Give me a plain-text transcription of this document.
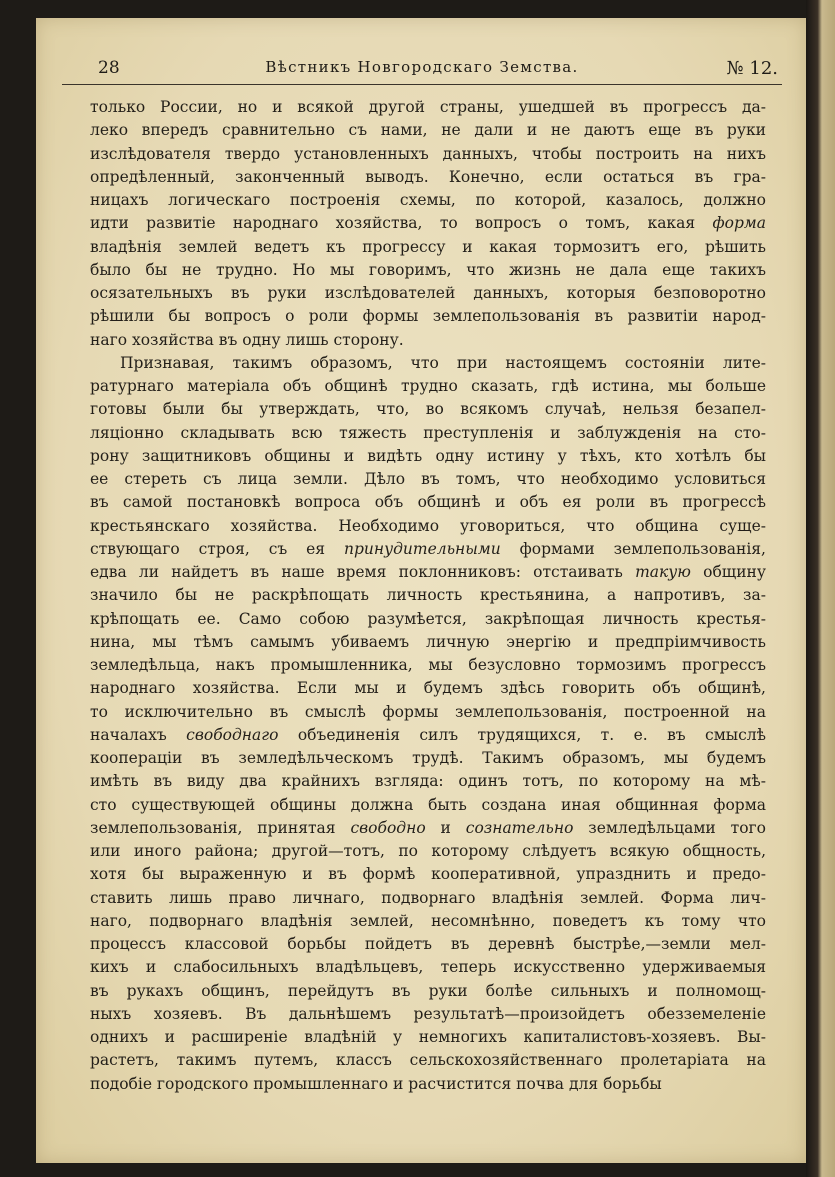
28	Вѣстникъ Новгородскаго Земства.	№ 12.
только России, но и всякой другой страны, ушедшей въ прогрессъ да-
леко впередъ сравнительно съ нами, не дали и не даютъ еще въ руки
изслѣдователя твердо установленныхъ данныхъ, чтобы построить на нихъ
опредѣленный, законченный выводъ. Конечно, если остаться въ гра-
ницахъ логическаго построенія схемы, по которой, казалось, должно
идти развитіе народнаго хозяйства, то вопросъ о томъ, какая форма
владѣнія землей ведетъ къ прогрессу и какая тормозитъ его, рѣшить
было бы не трудно. Но мы говоримъ, что жизнь не дала еще такихъ
осязательныхъ въ руки изслѣдователей данныхъ, которыя безповоротно
рѣшили бы вопросъ о роли формы землепользованія въ развитіи народ-
наго хозяйства въ одну лишь сторону.
Признавая, такимъ образомъ, что при настоящемъ состояніи лите-
ратурнаго матеріала объ общинѣ трудно сказать, гдѣ истина, мы больше
готовы были бы утверждать, что, во всякомъ случаѣ, нельзя безапел-
ляціонно складывать всю тяжесть преступленія и заблужденія на сто-
рону защитниковъ общины и видѣть одну истину у тѣхъ, кто хотѣлъ бы
ее стереть съ лица земли. Дѣло въ томъ, что необходимо условиться
въ самой постановкѣ вопроса объ общинѣ и объ ея роли въ прогрессѣ
крестьянскаго хозяйства. Необходимо уговориться, что община суще-
ствующаго строя, съ ея принудительными формами землепользованія,
едва ли найдетъ въ наше время поклонниковъ: отстаивать такую общину
значило бы не раскрѣпощать личность крестьянина, а напротивъ, за-
крѣпощать ее. Само собою разумѣется, закрѣпощая личность крестья-
нина, мы тѣмъ самымъ убиваемъ личную энергію и предпріимчивость
земледѣльца, накъ промышленника, мы безусловно тормозимъ прогрессъ
народнаго хозяйства. Если мы и будемъ здѣсь говорить объ общинѣ,
то исключительно въ смыслѣ формы землепользованія, построенной на
началахъ свободнаго объединенія силъ трудящихся, т. е. въ смыслѣ
коопераціи въ земледѣльческомъ трудѣ. Такимъ образомъ, мы будемъ
имѣть въ виду два крайнихъ взгляда: одинъ тотъ, по которому на мѣ-
сто существующей общины должна быть создана иная общинная форма
землепользованія, принятая свободно и сознательно земледѣльцами того
или иного района; другой—тотъ, по которому слѣдуетъ всякую общность,
хотя бы выраженную и въ формѣ кооперативной, упразднить и предо-
ставить лишь право личнаго, подворнаго владѣнія землей. Форма лич-
наго, подворнаго владѣнія землей, несомнѣнно, поведетъ къ тому что
процессъ классовой борьбы пойдетъ въ деревнѣ быстрѣе,—земли мел-
кихъ и слабосильныхъ владѣльцевъ, теперь искусственно удерживаемыя
въ рукахъ общинъ, перейдутъ въ руки болѣе сильныхъ и полномощ-
ныхъ хозяевъ. Въ дальнѣшемъ результатѣ—произойдетъ обезземеленіе
одниxъ и расширеніе владѣній у немногихъ капиталистовъ-хозяевъ. Вы-
растетъ, такимъ путемъ, классъ сельскохозяйственнаго пролетаріата на
подобіе городского промышленнаго и расчистится почва для борьбы
